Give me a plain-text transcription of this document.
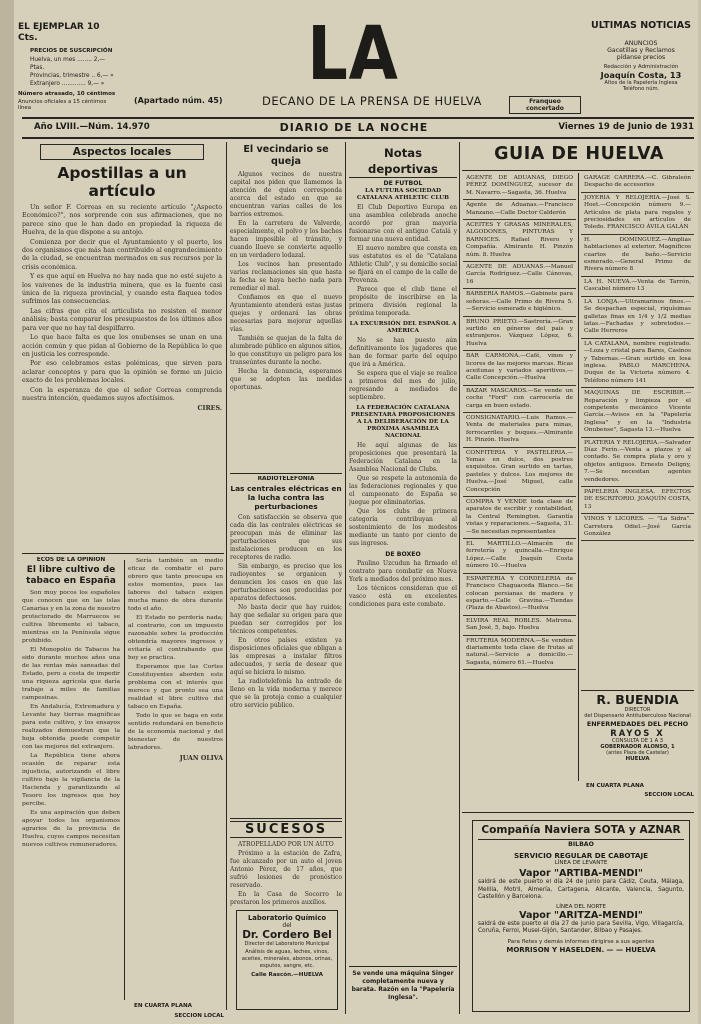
EL EJEMPLAR 10 Cts.
PRECIOS DE SUSCRIPCIÓN

Huelva, un mes ........ 2,— Ptas.

Provincias, trimestre .. 6,— »

Extranjero ............. 9,— »

Número atrasado, 10 céntimos
Anuncios oficiales a 15 céntimos línea
LA
(Apartado núm. 45)	DECANO DE LA PRENSA DE HUELVA	Franqueo concertado
ULTIMAS NOTICIAS
ANUNCIOS
Gacetillas y Reclamos
pídanse precios
Redacción y Administración
Joaquín Costa, 13
Altos de la Papelería Inglesa
Teléfono núm.
Año LVIII.—Núm. 14.970	DIARIO DE LA NOCHE	Viernes 19 de Junio de 1931
Aspectos locales
Apostillas a un artículo

Un señor F. Correas en su reciente artículo "¿Aspecto Económico?", nos sorprende con sus afirmaciones, que no parece sino que le han dado en propiedad la riqueza de Huelva, de la que dispone a su antojo.

Comienza por decir que el Ayuntamiento y el puerto, los dos organismos que más han contribuido al engrandecimiento de la ciudad, se encuentran mermados en sus recursos por la crisis económica.

Y es que aquí en Huelva no hay nada que no esté sujeto a los vaivenes de la industria minera, que es la fuente casi única de la riqueza provincial, y cuando esta flaquea todos sufrimos las consecuencias.

Las cifras que cita el articulista no resisten el menor análisis; basta comparar los presupuestos de los últimos años para ver que no hay tal despilfarro.

Lo que hace falta es que los onubenses se unan en una acción común y que pidan al Gobierno de la República lo que en justicia les corresponde.

Por eso celebramos estas polémicas, que sirven para aclarar conceptos y para que la opinión se forme un juicio exacto de los problemas locales.

Con la esperanza de que el señor Correas comprenda nuestra intención, quedamos suyos afectísimos.

CIRES.
ECOS DE LA OPINIÓN
El libre cultivo de tabaco en España

Son muy pocos los españoles que conocen que en las islas Canarias y en la zona de nuestro protectorado de Marruecos se cultiva libremente el tabaco, mientras en la Península sigue prohibido.

El Monopolio de Tabacos ha sido durante muchos años una de las rentas más saneadas del Estado, pero a costa de impedir una riqueza agrícola que daría trabajo a miles de familias campesinas.

En Andalucía, Extremadura y Levante hay tierras magníficas para este cultivo, y los ensayos realizados demuestran que la hoja obtenida puede competir con las mejores del extranjero.

La República tiene ahora ocasión de reparar esta injusticia, autorizando el libre cultivo bajo la vigilancia de la Hacienda y garantizando al Tesoro los ingresos que hoy percibe.

Es una aspiración que deben apoyar todos los organismos agrarios de la provincia de Huelva, cuyos campos necesitan nuevos cultivos remuneradores.

Sería también un medio eficaz de combatir el paro obrero que tanto preocupa en estos momentos, pues las labores del tabaco exigen mucha mano de obra durante todo el año.

El Estado no perdería nada; al contrario, con un impuesto razonable sobre la producción obtendría mayores ingresos y evitaría el contrabando que hoy se practica.

Esperamos que las Cortes Constituyentes aborden este problema con el interés que merece y que pronto sea una realidad el libre cultivo del tabaco en España.

Todo lo que se haga en este sentido redundará en beneficio de la economía nacional y del bienestar de nuestros labradores.

JUAN OLIVA
EN CUARTA PLANA
SECCIÓN LOCAL
El vecindario se queja

Algunos vecinos de nuestra capital nos piden que llamemos la atención de quien corresponda acerca del estado en que se encuentran varias calles de los barrios extremos.

En la carretera de Valverde, especialmente, el polvo y los baches hacen imposible el tránsito, y cuando llueve se convierte aquello en un verdadero lodazal.

Los vecinos han presentado varias reclamaciones sin que hasta la fecha se haya hecho nada para remediar el mal.

Confiamos en que el nuevo Ayuntamiento atenderá estas justas quejas y ordenará las obras necesarias para mejorar aquellas vías.

También se quejan de la falta de alumbrado público en algunos sitios, lo que constituye un peligro para los transeúntes durante la noche.

Hecha la denuncia, esperamos que se adopten las medidas oportunas.

RADIOTELEFONÍA
Las centrales eléctricas en la lucha contra las perturbaciones

Con satisfacción se observa que cada día las centrales eléctricas se preocupan más de eliminar las perturbaciones que sus instalaciones producen en los receptores de radio.

Sin embargo, es preciso que los radioyentes se organicen y denuncien los casos en que las perturbaciones son producidas por aparatos defectuosos.

No basta decir que hay ruidos; hay que señalar su origen para que puedan ser corregidos por los técnicos competentes.

En otros países existen ya disposiciones oficiales que obligan a las empresas a instalar filtros adecuados, y sería de desear que aquí se hiciera lo mismo.

La radiotelefonía ha entrado de lleno en la vida moderna y merece que se la proteja como a cualquier otro servicio público.

SUCESOS

ATROPELLADO POR UN AUTO

Próximo a la estación de Zafra, fue alcanzado por un auto el joven Antonio Pérez, de 17 años, que sufrió lesiones de pronóstico reservado.

En la Casa de Socorro le prestaron los primeros auxilios.

Laboratorio Químico
del
Dr. Cordero Bel
Director del Laboratorio Municipal
Análisis de aguas, leches, vinos, aceites, minerales, abonos, orinas, esputos, sangre, etc.
Calle Rascón.—HUELVA
Notas deportivas
DE FUTBOL
LA FUTURA SOCIEDAD CATALANA ATHLETIC CLUB

El Club Deportivo Europa en una asamblea celebrada anoche acordó por gran mayoría fusionarse con el antiguo Catalá y formar una nueva entidad.

El nuevo nombre que consta en sus estatutos es el de "Catalana Athletic Club", y su domicilio social se fijará en el campo de la calle de Provenza.

Parece que el club tiene el propósito de inscribirse en la primera división regional la próxima temporada.

LA EXCURSIÓN DEL ESPAÑOL A AMÉRICA

No se han puesto aún definitivamente los jugadores que han de formar parte del equipo que irá a América.

Se espera que el viaje se realice a primeros del mes de julio, regresando a mediados de septiembre.

LA FEDERACIÓN CATALANA PRESENTARÁ PROPOSICIONES A LA DELIBERACIÓN DE LA PRÓXIMA ASAMBLEA NACIONAL

He aquí algunas de las proposiciones que presentará la Federación Catalana en la Asamblea Nacional de Clubs.

Que se respete la autonomía de las federaciones regionales y que el campeonato de España se juegue por eliminatorias.

Que los clubs de primera categoría contribuyan al sostenimiento de los modestos mediante un tanto por ciento de sus ingresos.

DE BOXEO

Paulino Uzcudun ha firmado el contrato para combatir en Nueva York a mediados del próximo mes.

Los técnicos consideran que el vasco está en excelentes condiciones para este combate.

Se vende una máquina Singer completamente nueva y barata. Razón en la "Papelería Inglesa".
GUIA DE HUELVA
AGENTE DE ADUANAS, DIEGO PÉREZ DOMÍNGUEZ, sucesor de M. Navarro.—Sagasta, 36. Huelva
Agente de Aduanas.—Francisco Manzano.—Calle Doctor Calderón
ACEITES Y GRASAS MINERALES, ALGODONES, PINTURAS Y BARNICES. Rafael Rivero y Compañía. Almirante H. Pinzón núm. 8. Huelva
AGENTE DE ADUANAS.—Manuel García Rodríguez.—Calle Cánovas, 16
BARBERIA RAMOS.—Gabinete para señoras.—Calle Primo de Rivera 5.—Servicio esmerado e higiénico.
BRUNO PRIETO.—Sastrería.—Gran surtido en géneros del país y extranjeros. Vázquez López, 6. Huelva
BAR CARMONA.—Café, vinos y licores de las mejores marcas. Ricas aceitunas y variados aperitivos.—Calle Concepción.—Huelva
BAZAR MASCAROS.—Se vende un coche "Ford" con carrocería de carga en buen estado.
CONSIGNATARIO.—Luis Ramos.—Venta de materiales para minas, ferrocarriles y buques.—Almirante H. Pinzón. Huelva
CONFITERIA Y PASTELERIA.—Yemas en dulce, dos postres exquisitos. Gran surtido en tartas, pasteles y dulces. Los mejores de Huelva.—José Miguel, calle Concepción
COMPRA Y VENDE toda clase de aparatos de escribir y contabilidad, la Central Remington. Garantía vistas y reparaciones.—Sagasta, 31.—Se necesitan representantes
EL MARTILLO.—Almacén de ferretería y quincalla.—Enrique López.—Calle Joaquín Costa número 10.—Huelva
ESPARTERIA Y CORDELERIA de Francisco Chaguaceda Blanco.—Se colocan persianas de madera y esparto.—Calle Gravina.—Tiendas (Plaza de Abastos).—Huelva
ELVIRA REAL ROBLES. Matrona. San José, 5, bajo. Huelva
FRUTERIA MODERNA.—Se venden diariamente toda clase de frutas al natural.—Servicio a domicilio.—Sagasta, número 61.—Huelva
GARAGE CARRERA.—C. Gibraleón Despacho de accesorios
JOYERIA Y RELOJERIA.—José S. Hoet.—Concepción número 9.—Artículos de plata para regalos y preciosidades en artículos de Toledo. FRANCISCO ÁVILA GALÁN
H. DOMINGUEZ.—Amplias habitaciones al exterior. Magníficos cuartos de baño.—Servicio esmerado.—General Primo de Rivera número 8
LA H. NUEVA.—Venta de Tarrón, Cascabel número 13
LA LONJA.—Ultramarinos finos.—Se despachan especial, riquísimas galletas finas en 1/4 y 1/2 medias latas.—Fachadas y sobretodos.—Calle Herreros
LA CATALANA, nombre registrado.—Loza y cristal para Bares, Casinos y Tabernas.—Gran surtido en losa inglesa. PABLO MARCHENA. Duque de la Victoria número 4. Teléfono número 141
MAQUINAS DE ESCRIBIR.—Reparación y limpieza por el competente mecánico Vicente García.—Avisos en la "Papelería Inglesa" y en la "Industria Onubense", Sagasta 13.—Huelva
PLATERIA Y RELOJERIA.—Salvador Díaz Ferín.—Venta a plazos y al contado. Se compra plata y oro y objetos antiguos. Ernesto Deligny, 7.—Se necesitan agentes vendedores.
PAPELERIA INGLESA. EFECTOS DE ESCRITORIO. JOAQUÍN COSTA, 13
VINOS Y LICORES. — "La Sidra". Carretera Odiel.—José García González
R. BUENDIA
DIRECTOR
del Dispensario Antituberculoso Nacional
ENFERMEDADES DEL PECHO
RAYOS X
CONSULTA DE 1 A 3
GOBERNADOR ALONSO, 1
(antes Plaza de Castelar)
HUELVA
EN CUARTA PLANA
SECCIÓN LOCAL
Compañía Naviera SOTA y AZNAR
BILBAO
SERVICIO REGULAR DE CABOTAJE
LÍNEA DE LEVANTE
Vapor "ARTIBA-MENDI"
saldrá de este puerto el día 24 de junio para Cádiz, Ceuta, Málaga, Melilla, Motril, Almería, Cartagena, Alicante, Valencia, Sagunto, Castellón y Barcelona.
LÍNEA DEL NORTE
Vapor "ARITZA-MENDI"
saldrá de este puerto el día 27 de junio para Sevilla, Vigo, Villagarcía, Coruña, Ferrol, Musel-Gijón, Santander, Bilbao y Pasajes.
Para fletes y demás informes dirigirse a sus agentes
MORRISON Y HASELDEN. — — HUELVA
